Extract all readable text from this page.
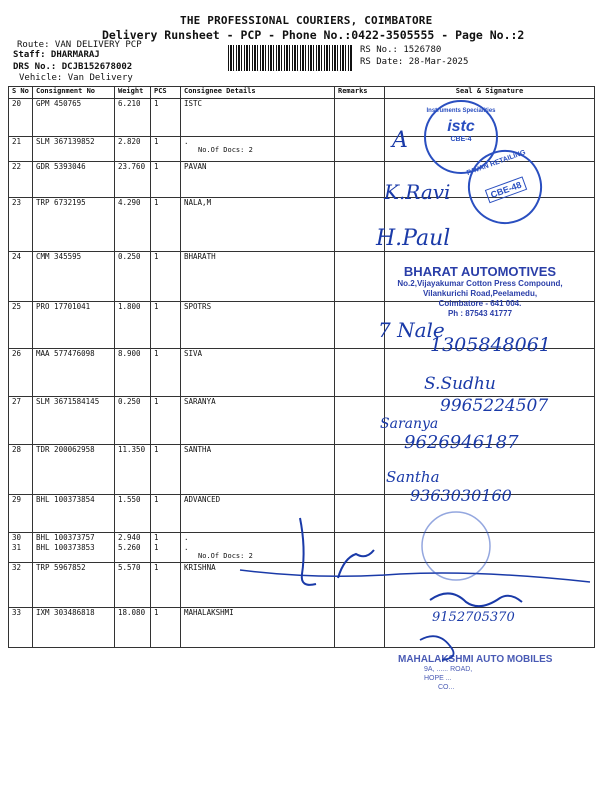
THE PROFESSIONAL COURIERS, COIMBATORE
Delivery Runsheet - PCP - Phone No.:0422-3505555 - Page No.:2
Route: VAN DELIVERY PCP
Staff: DHARMARAJ
DRS No.: DCJB152678002
Vehicle: Van Delivery
RS No.: 1526780
RS Date: 28-Mar-2025
S No	Consignment No	Weight	PCS	Consignee Details	Remarks	Seal & Signature
20	GPM 450765	6.210	1	ISTC		
21	SLM 367139852	2.820	1	.
No.Of Docs: 2		

22	GDR 5393046	23.760	1	PAVAN		
23	TRP 6732195	4.290	1	NALA,M		
24	CMM 345595	0.250	1	BHARATH		
25	PRO 17701041	1.800	1	SPOTRS		
26	MAA 577476098	8.900	1	SIVA		
27	SLM 3671584145	0.250	1	SARANYA		
28	TDR 200062958	11.350	1	SANTHA		
29	BHL 100373854	1.550	1	ADVANCED		
30	BHL 100373757	2.940	1	.		
31	BHL 100373853	5.260	1	.
No.Of Docs: 2		

32	TRP 5967852	5.570	1	KRISHNA		
33	IXM 303486818	18.080	1	MAHALAKSHMI		
Instruments Specialities
istc
CBE-4
PAVAN RETAILING
CBE-48
BHARAT AUTOMOTIVES
No.2,Vijayakumar Cotton Press Compound,
Vilankurichi Road,Peelamedu,
Coimbatore - 641 004.
Ph : 87543 41777
MAHALAKSHMI AUTO MOBILES
9A, ...... ROAD,
HOPE ...
CO...
A
K.Ravi
H.Paul
7 Nale
1305848061
S.Sudhu
9965224507
Saranya
9626946187
Santha
9363030160
9152705370
